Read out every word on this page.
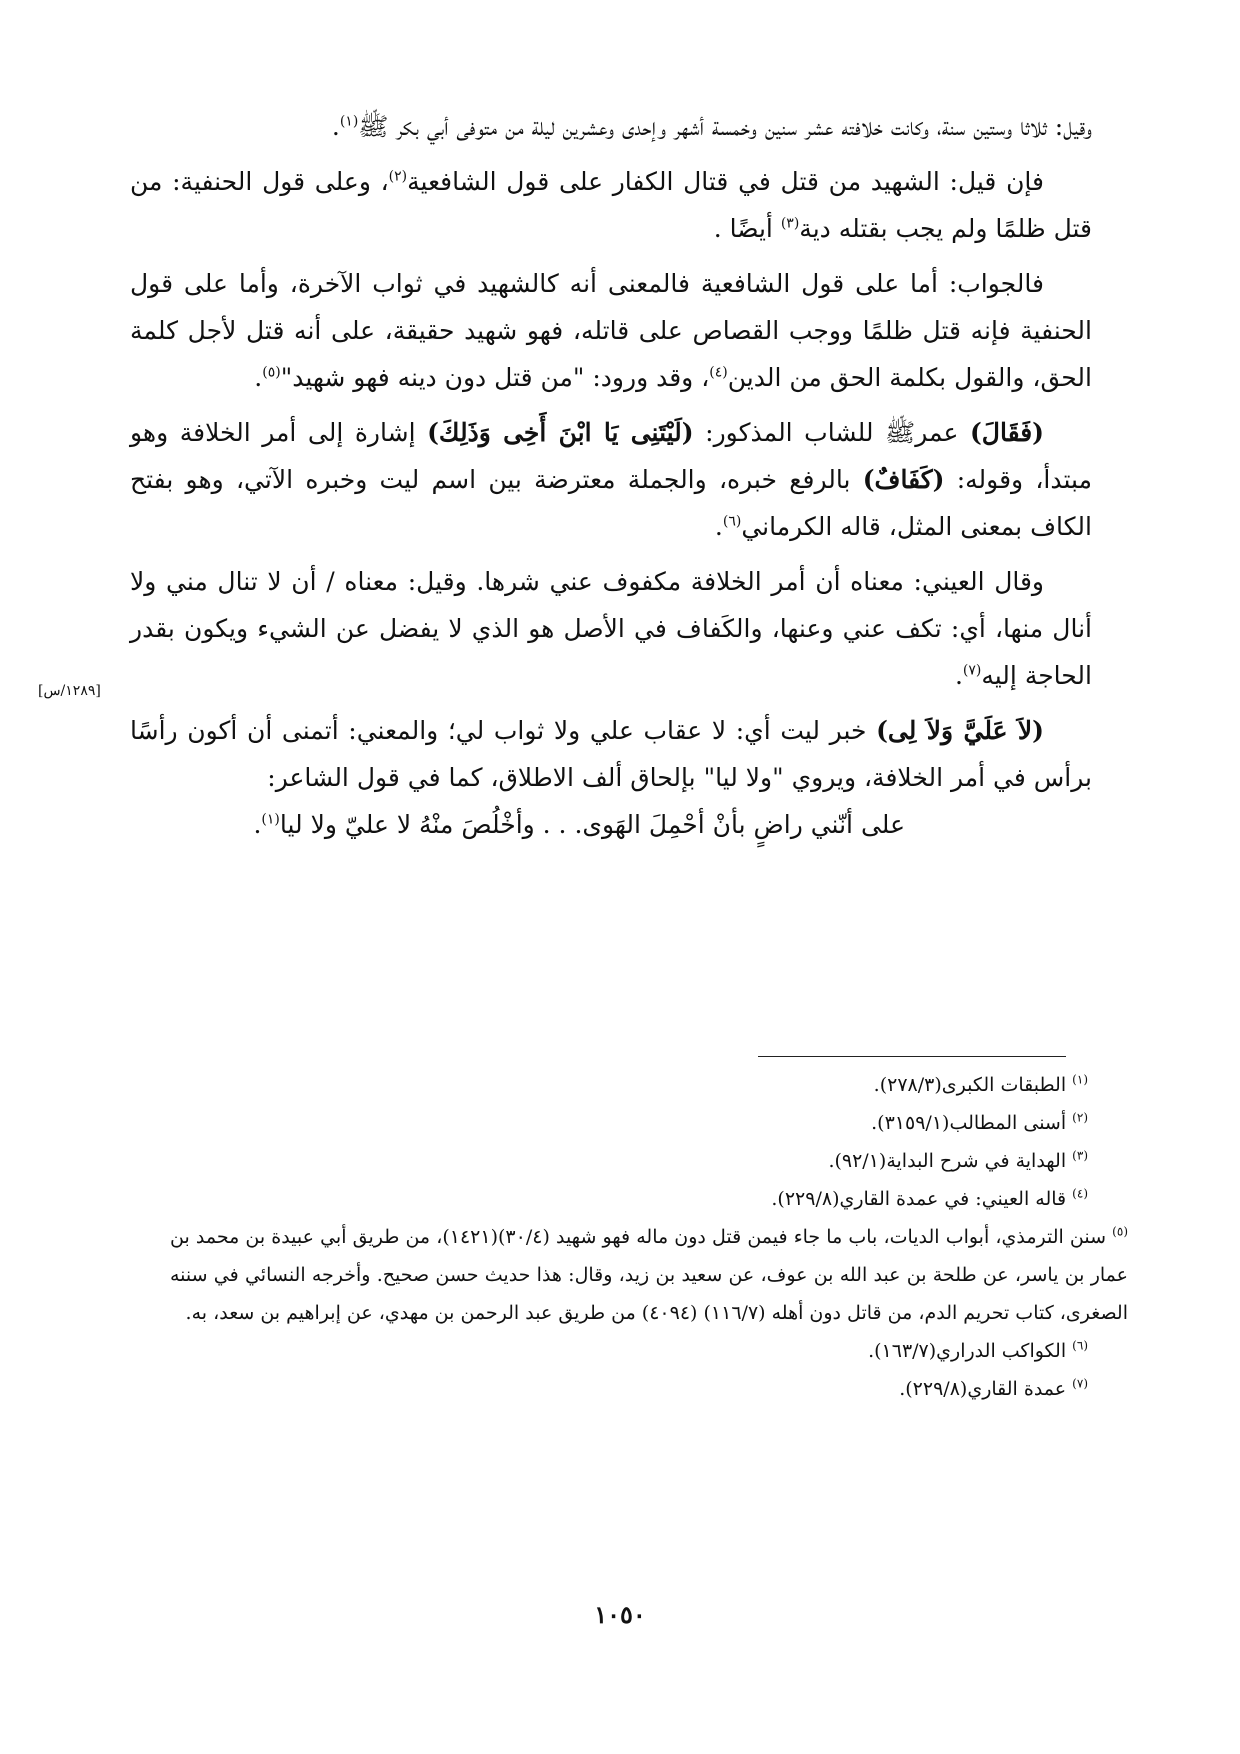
وقيل: ثلاثا وستين سنة، وكانت خلافته عشر سنين وخمسة أشهر وإحدى وعشرين ليلة من متوفى أبي بكر ﷺ$^{(١)}$.

فإن قيل: الشهيد من قتل في قتال الكفار على قول الشافعية$^{(٢)}$، وعلى قول الحنفية: من قتل ظلمًا ولم يجب بقتله دية$^{(٣)}$ أيضًا .

فالجواب: أما على قول الشافعية فالمعنى أنه كالشهيد في ثواب الآخرة، وأما على قول الحنفية فإنه قتل ظلمًا ووجب القصاص على قاتله، فهو شهيد حقيقة، على أنه قتل لأجل كلمة الحق، والقول بكلمة الحق من الدين$^{(٤)}$، وقد ورود: "من قتل دون دينه فهو شهيد"$^{(٥)}$.

(فَقَالَ) عمرﷺ للشاب المذكور: (لَيْتَنِى يَا ابْنَ أَخِى وَذَلِكَ) إشارة إلى أمر الخلافة وهو مبتدأ، وقوله: (كَفَافٌ) بالرفع خبره، والجملة معترضة بين اسم ليت وخبره الآتي، وهو بفتح الكاف بمعنى المثل، قاله الكرماني$^{(٦)}$.

وقال العيني: معناه أن أمر الخلافة مكفوف عني شرها. وقيل: معناه / أن لا تنال مني ولا أنال منها، أي: تكف عني وعنها، والكَفاف في الأصل هو الذي لا يفضل عن الشيء ويكون بقدر الحاجة إليه$^{(٧)}$.

(لاَ عَلَيَّ وَلاَ لِى) خبر ليت أي: لا عقاب علي ولا ثواب لي؛ والمعني: أتمنى أن أكون رأسًا برأس في أمر الخلافة، ويروي "ولا ليا" بإلحاق ألف الاطلاق، كما في قول الشاعر:

على أنّني راضٍ بأنْ أحْمِلَ الهَوى. . . وأخْلُصَ منْهُ لا عليّ ولا ليا$^{(١)}$.

[١٢٨٩/س]

$^{(١)}$ الطبقات الكبرى(٢٧٨/٣).

$^{(٢)}$ أسنى المطالب(٣١٥٩/١).

$^{(٣)}$ الهداية في شرح البداية(٩٢/١).

$^{(٤)}$ قاله العيني: في عمدة القاري(٢٢٩/٨).

$^{(٥)}$ سنن الترمذي، أبواب الديات، باب ما جاء فيمن قتل دون ماله فهو شهيد (٣٠/٤)(١٤٢١)، من طريق أبي عبيدة بن محمد بن عمار بن ياسر، عن طلحة بن عبد الله بن عوف، عن سعيد بن زيد، وقال: هذا حديث حسن صحيح. وأخرجه النسائي في سننه الصغرى، كتاب تحريم الدم، من قاتل دون أهله (١١٦/٧) (٤٠٩٤) من طريق عبد الرحمن بن مهدي، عن إبراهيم بن سعد، به.

$^{(٦)}$ الكواكب الدراري(١٦٣/٧).

$^{(٧)}$ عمدة القاري(٢٢٩/٨).

١٠٥٠
